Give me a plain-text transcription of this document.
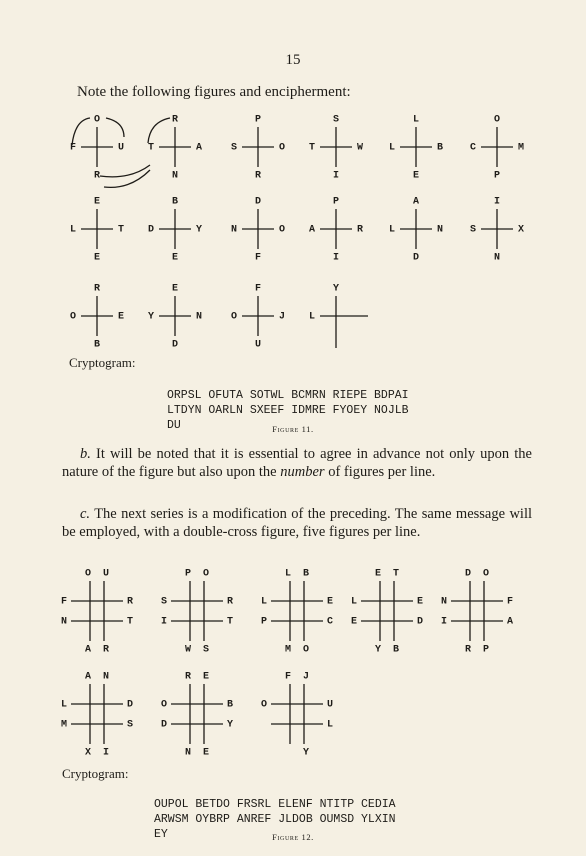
15
Note the following figures and encipherment:
O
F	U
R
R
T	A
N
P
S	O
R
S
T	W
I
L
L	B
E
O
C	M
P
E
L	T
E
B
D	Y
E
D
N	O
F
P
A	R
I
A
L	N
D
I
S	X
N
R
O	E
B
E
Y	N
D
F
O	J
U
Y
L
O U
F
N
R
T
A R
P O
S
I
R
T
W S
L B
L
P
E
C
M O
E T
L
E
E
D
Y B
D O
N
I
F
A
R P
A N
L
M
D
S
X I
R E
O
D
B
Y
N E
F J
O	U
L
Y
Cryptogram:

ORPSL OFUTA SOTWL BCMRN RIEPE BDPAI
LTDYN OARLN SXEEF IDMRE FYOEY NOJLB
DU	Figure 11.
b. It will be noted that it is essential to agree in advance not only upon the nature of the figure but also upon the number of figures per line.
c. The next series is a modification of the preceding. The same message will be employed, with a double-cross figure, five figures per line.
Cryptogram:

OUPOL BETDO FRSRL ELENF NTITP CEDIA
ARWSM OYBRP ANREF JLDOB OUMSD YLXIN
EY	Figure 12.
